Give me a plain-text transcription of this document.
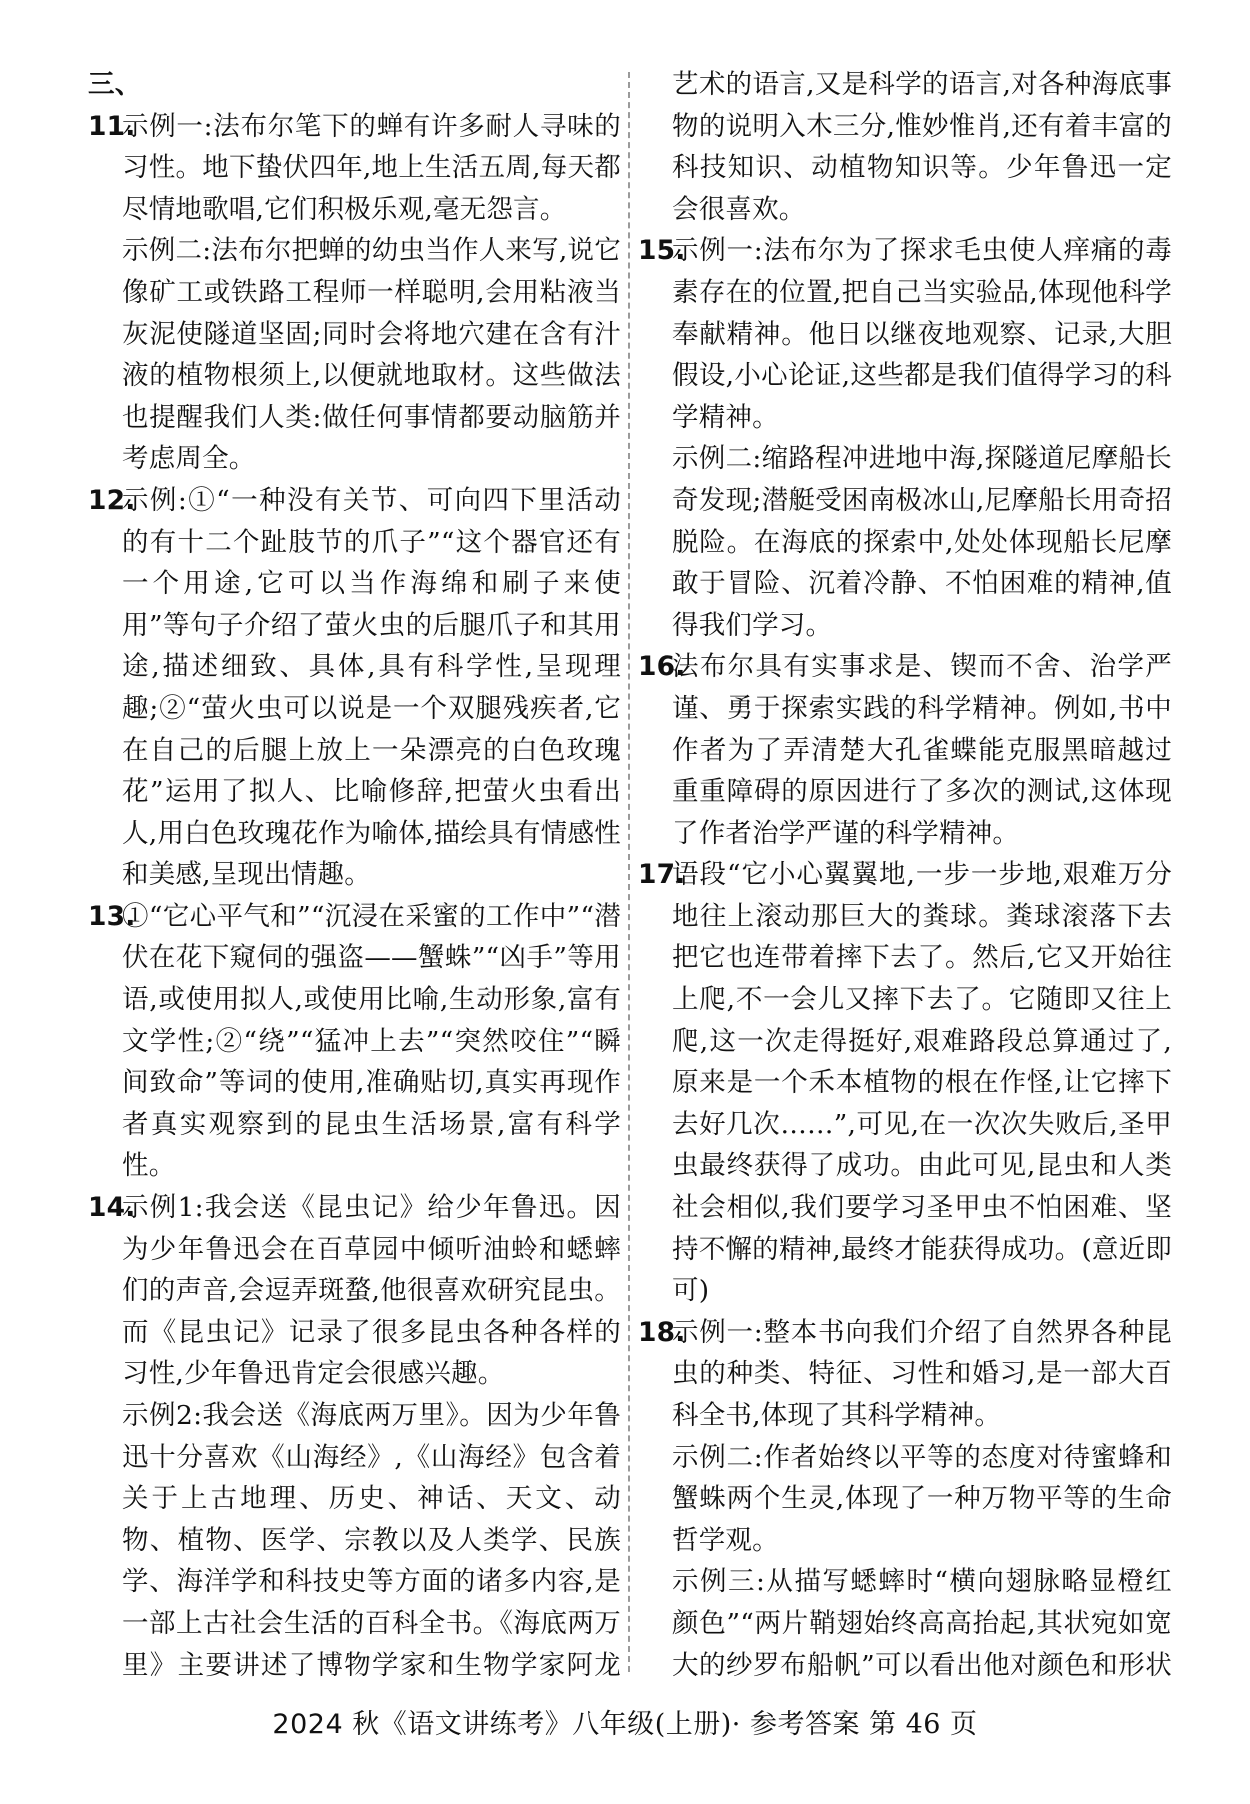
三、
11.
示例一:法布尔笔下的蝉有许多耐人寻味的习性。地下蛰伏四年,地上生活五周,每天都尽情地歌唱,它们积极乐观,毫无怨言。
示例二:法布尔把蝉的幼虫当作人来写,说它像矿工或铁路工程师一样聪明,会用粘液当灰泥使隧道坚固;同时会将地穴建在含有汁液的植物根须上,以便就地取材。这些做法也提醒我们人类:做任何事情都要动脑筋并考虑周全。
12.
示例:①“一种没有关节、可向四下里活动的有十二个趾肢节的爪子”“这个器官还有一个用途,它可以当作海绵和刷子来使用”等句子介绍了萤火虫的后腿爪子和其用途,描述细致、具体,具有科学性,呈现理趣;②“萤火虫可以说是一个双腿残疾者,它在自己的后腿上放上一朵漂亮的白色玫瑰花”运用了拟人、比喻修辞,把萤火虫看出人,用白色玫瑰花作为喻体,描绘具有情感性和美感,呈现出情趣。
13.
①“它心平气和”“沉浸在采蜜的工作中”“潜伏在花下窥伺的强盗——蟹蛛”“凶手”等用语,或使用拟人,或使用比喻,生动形象,富有文学性;②“绕”“猛冲上去”“突然咬住”“瞬间致命”等词的使用,准确贴切,真实再现作者真实观察到的昆虫生活场景,富有科学性。
14.
示例1:我会送《昆虫记》给少年鲁迅。因为少年鲁迅会在百草园中倾听油蛉和蟋蟀们的声音,会逗弄斑蝥,他很喜欢研究昆虫。而《昆虫记》记录了很多昆虫各种各样的习性,少年鲁迅肯定会很感兴趣。
示例2:我会送《海底两万里》。因为少年鲁迅十分喜欢《山海经》,《山海经》包含着关于上古地理、历史、神话、天文、动物、植物、医学、宗教以及人类学、民族学、海洋学和科技史等方面的诸多内容,是一部上古社会生活的百科全书。《海底两万里》主要讲述了博物学家和生物学家阿龙
艺术的语言,又是科学的语言,对各种海底事物的说明入木三分,惟妙惟肖,还有着丰富的科技知识、动植物知识等。少年鲁迅一定会很喜欢。
15.
示例一:法布尔为了探求毛虫使人痒痛的毒素存在的位置,把自己当实验品,体现他科学奉献精神。他日以继夜地观察、记录,大胆假设,小心论证,这些都是我们值得学习的科学精神。
示例二:缩路程冲进地中海,探隧道尼摩船长奇发现;潜艇受困南极冰山,尼摩船长用奇招脱险。在海底的探索中,处处体现船长尼摩敢于冒险、沉着冷静、不怕困难的精神,值得我们学习。
16.
法布尔具有实事求是、锲而不舍、治学严谨、勇于探索实践的科学精神。例如,书中作者为了弄清楚大孔雀蝶能克服黑暗越过重重障碍的原因进行了多次的测试,这体现了作者治学严谨的科学精神。
17.
语段“它小心翼翼地,一步一步地,艰难万分地往上滚动那巨大的粪球。粪球滚落下去把它也连带着摔下去了。然后,它又开始往上爬,不一会儿又摔下去了。它随即又往上爬,这一次走得挺好,艰难路段总算通过了,原来是一个禾本植物的根在作怪,让它摔下去好几次……”,可见,在一次次失败后,圣甲虫最终获得了成功。由此可见,昆虫和人类社会相似,我们要学习圣甲虫不怕困难、坚持不懈的精神,最终才能获得成功。(意近即可)
18.
示例一:整本书向我们介绍了自然界各种昆虫的种类、特征、习性和婚习,是一部大百科全书,体现了其科学精神。
示例二:作者始终以平等的态度对待蜜蜂和蟹蛛两个生灵,体现了一种万物平等的生命哲学观。
示例三:从描写蟋蟀时“横向翅脉略显橙红颜色”“两片鞘翅始终高高抬起,其状宛如宽大的纱罗布船帆”可以看出他对颜色和形状
2024 秋《语文讲练考》八年级(上册)· 参考答案 第 46 页
